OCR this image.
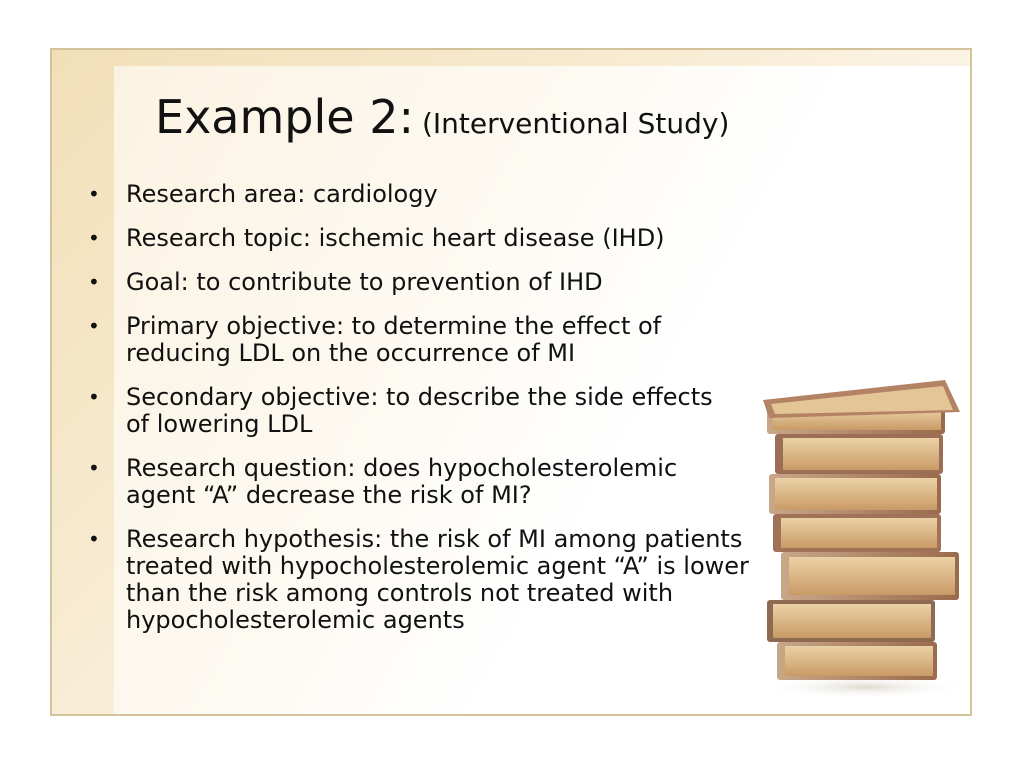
Example 2: (Interventional Study)
• Research area: cardiology
• Research topic: ischemic heart disease (IHD)
• Goal: to contribute to prevention of IHD
• Primary objective: to determine the effect of reducing LDL on the occurrence of MI
• Secondary objective: to describe the side effects of lowering LDL
• Research question: does hypocholesterolemic agent “A” decrease the risk of MI?
• Research hypothesis: the risk of MI among patients treated with hypocholesterolemic agent “A” is lower than the risk among controls not treated with hypocholesterolemic agents
